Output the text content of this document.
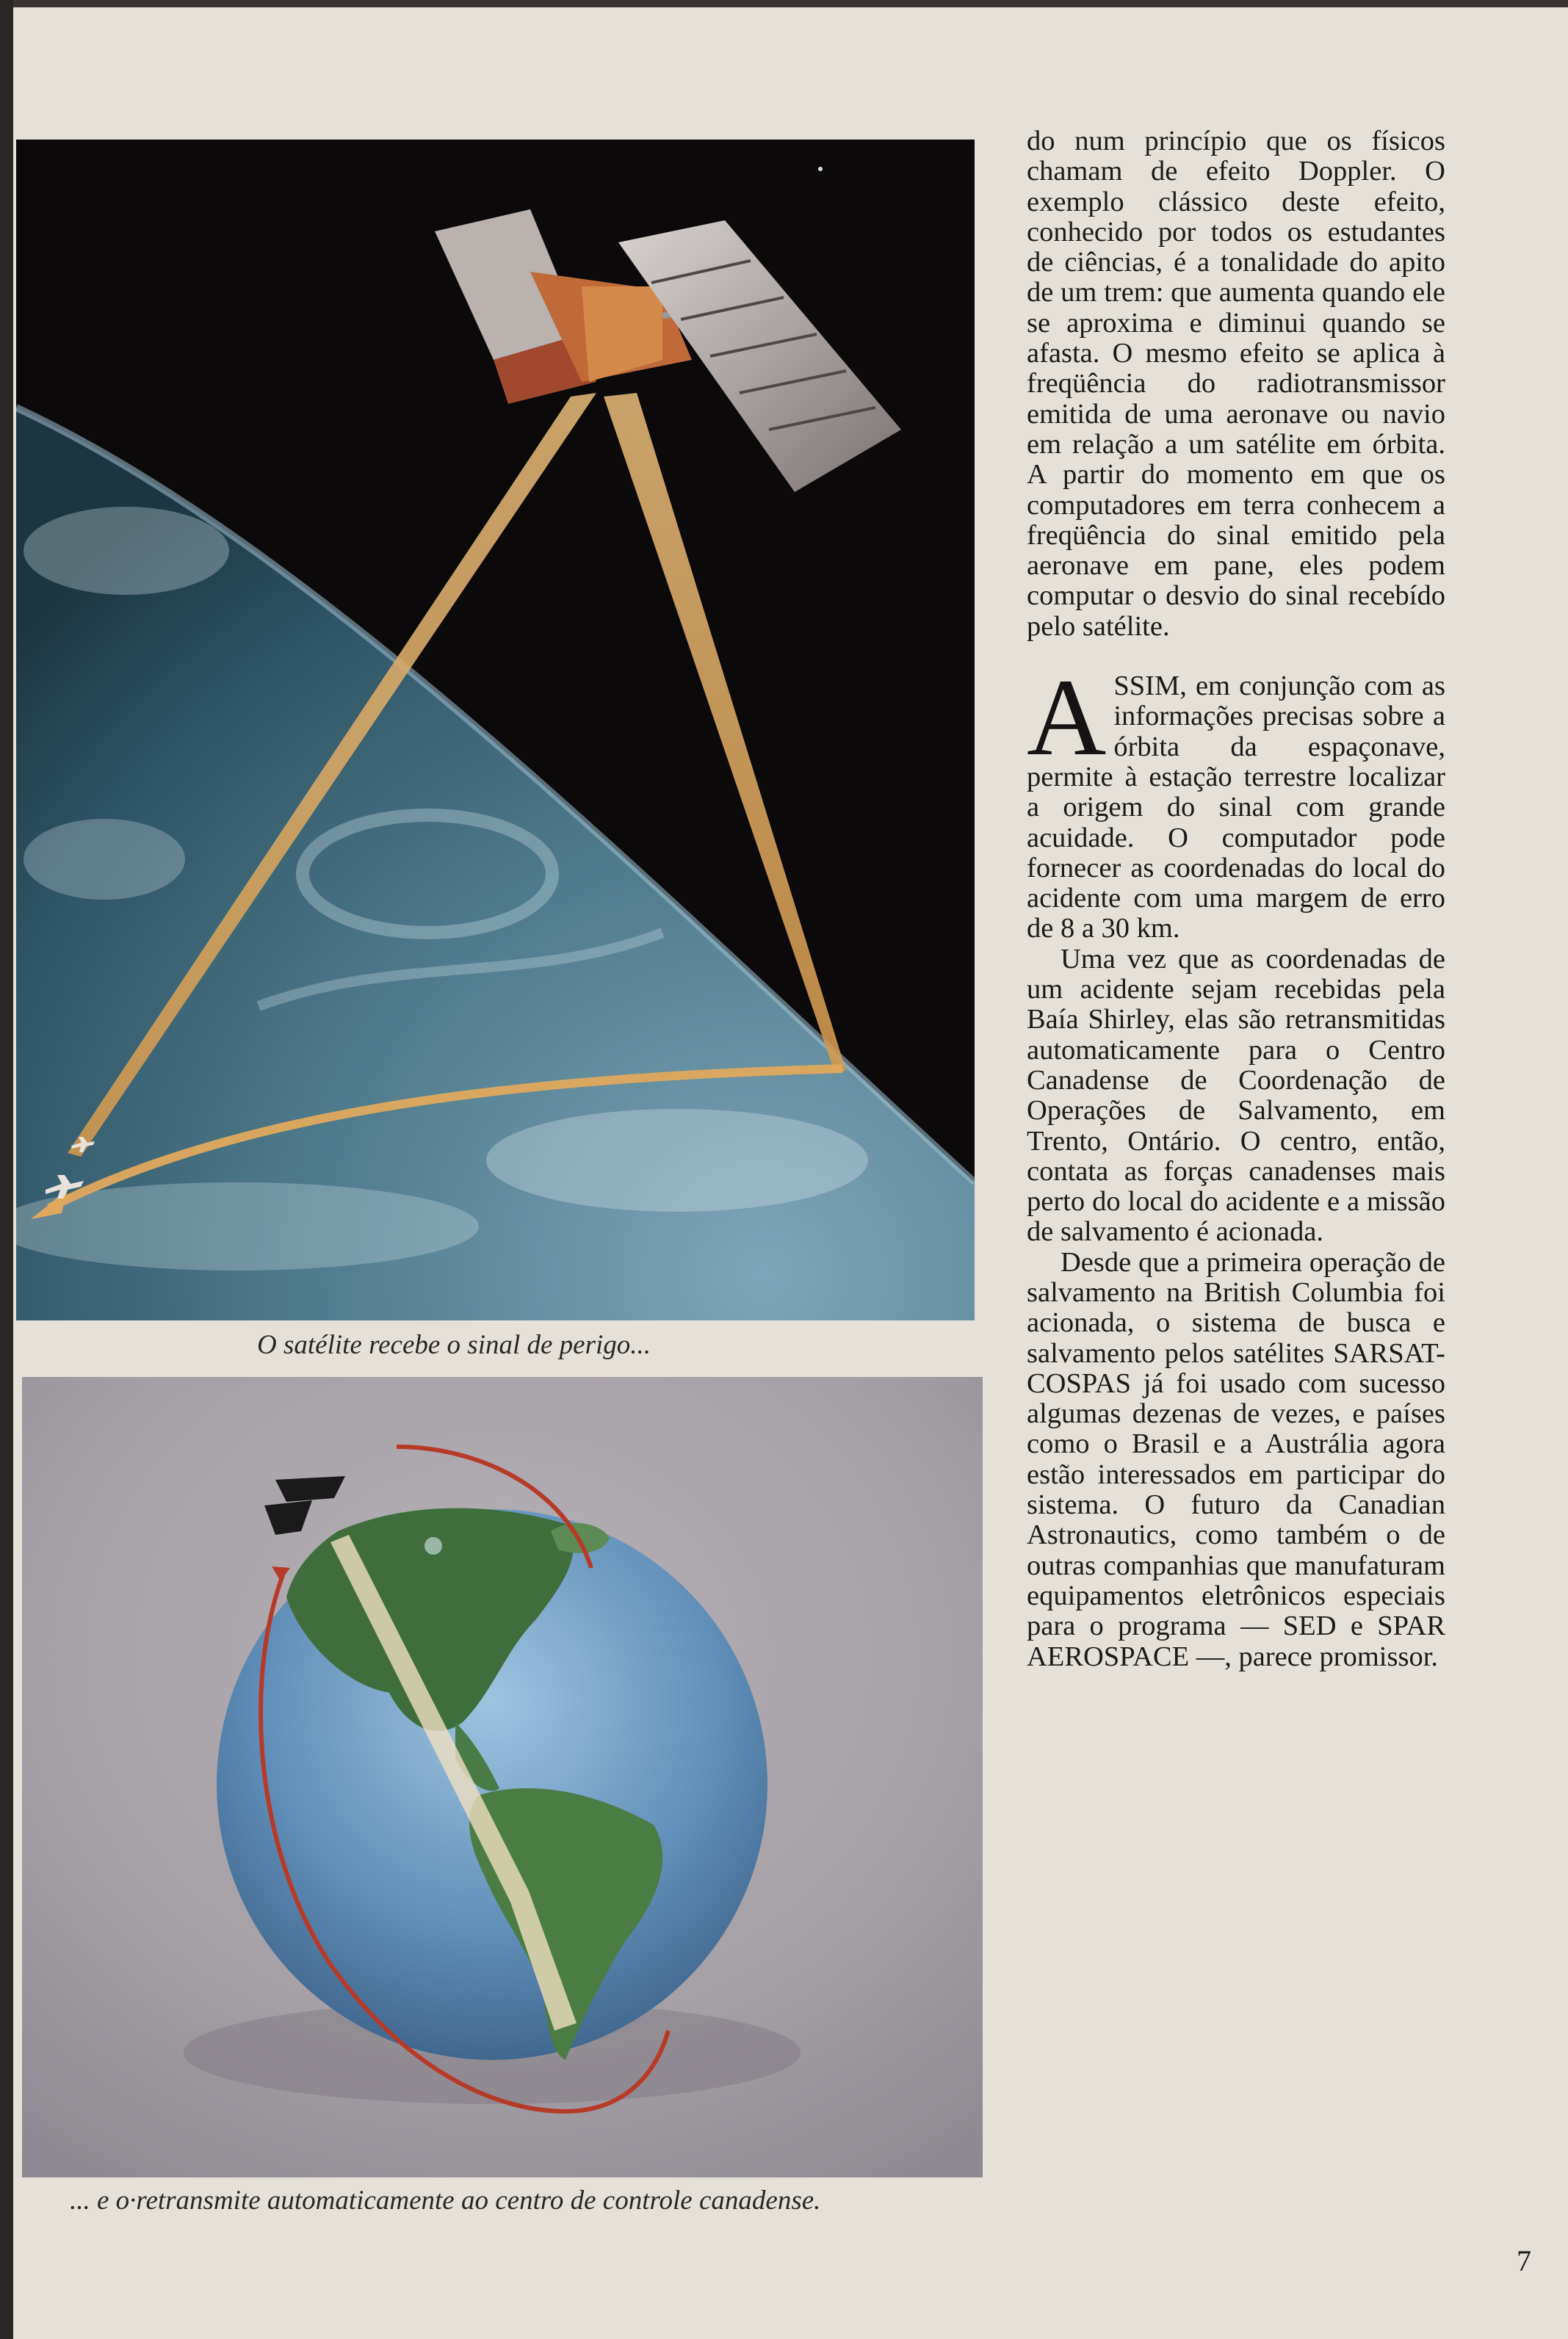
O satélite recebe o sinal de perigo...
... e o·retransmite automaticamente ao centro de controle canadense.

do num princípio que os físicos chamam de efeito Doppler. O exemplo clássico deste efeito, conhecido por todos os estudantes de ciências, é a tonalidade do apito de um trem: que aumenta quando ele se aproxima e diminui quando se afasta. O mesmo efeito se aplica à freqüência do radiotransmissor emitida de uma aeronave ou navio em relação a um satélite em órbita. A partir do momento em que os computadores em terra conhecem a freqüência do sinal emitido pela aeronave em pane, eles podem computar o desvio do sinal recebído pelo satélite.

ASSIM, em conjunção com as informações precisas sobre a órbita da espaçonave, permite à estação terrestre localizar a origem do sinal com grande acuidade. O computador pode fornecer as coordenadas do local do acidente com uma margem de erro de 8 a 30 km.

Uma vez que as coordenadas de um acidente sejam recebidas pela Baía Shirley, elas são retransmitidas automaticamente para o Centro Canadense de Coordenação de Operações de Salvamento, em Trento, Ontário. O centro, então, contata as forças canadenses mais perto do local do acidente e a missão de salvamento é acionada.

Desde que a primeira operação de salvamento na British Columbia foi acionada, o sistema de busca e salvamento pelos satélites SARSAT-COSPAS já foi usado com sucesso algumas dezenas de vezes, e países como o Brasil e a Austrália agora estão interessados em participar do sistema. O futuro da Canadian Astronautics, como também o de outras companhias que manufaturam equipamentos eletrônicos especiais para o programa — SED e SPAR AEROSPACE —, parece promissor.

7
